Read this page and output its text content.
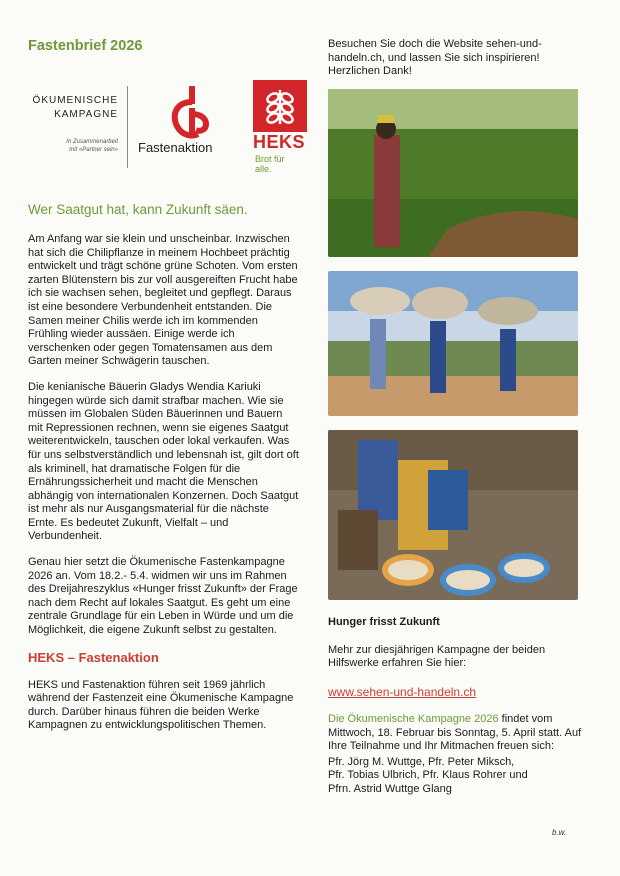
Fastenbrief 2026

ÖKUMENISCHE
KAMPAGNE
In Zusammenarbeit
mit «Partner sein» Fastenaktion HEKS
Brot für alle.
Wer Saatgut hat, kann Zukunft säen.

Am Anfang war sie klein und unscheinbar. Inzwischen hat sich die Chilipflanze in meinem Hochbeet prächtig entwickelt und trägt schöne grüne Schoten. Vom ersten zarten Blütenstern bis zur voll ausgereiften Frucht habe ich sie wachsen sehen, begleitet und gepflegt. Daraus ist eine besondere Verbundenheit entstanden. Die Samen meiner Chilis werde ich im kommenden Frühling wieder aussäen. Einige werde ich verschenken oder gegen Tomatensamen aus dem Garten meiner Schwägerin tauschen.

Die kenianische Bäuerin Gladys Wendia Kariuki hingegen würde sich damit strafbar machen. Wie sie müssen im Globalen Süden Bäuerinnen und Bauern mit Repressionen rechnen, wenn sie eigenes Saatgut weiterentwickeln, tauschen oder lokal verkaufen. Was für uns selbstverständlich und lebensnah ist, gilt dort oft als kriminell, hat dramatische Folgen für die Ernährungssicherheit und macht die Menschen abhängig von internationalen Konzernen. Doch Saatgut ist mehr als nur Ausgangsmaterial für die nächste Ernte. Es bedeutet Zukunft, Vielfalt – und Verbundenheit.

Genau hier setzt die Ökumenische Fastenkampagne 2026 an. Vom 18.2.- 5.4. widmen wir uns im Rahmen des Dreijahreszyklus «Hunger frisst Zukunft» der Frage nach dem Recht auf lokales Saatgut. Es geht um eine zentrale Grundlage für ein Leben in Würde und um die Möglichkeit, die eigene Zukunft selbst zu gestalten.

HEKS – Fastenaktion

HEKS und Fastenaktion führen seit 1969 jährlich während der Fastenzeit eine Ökumenische Kampagne durch. Darüber hinaus führen die beiden Werke Kampagnen zu entwicklungspolitischen Themen.

Besuchen Sie doch die Website sehen-und-handeln.ch, und lassen Sie sich inspirieren! Herzlichen Dank!

Hunger frisst Zukunft

Mehr zur diesjährigen Kampagne der beiden Hilfswerke erfahren Sie hier:

www.sehen-und-handeln.ch

Die Ökumenische Kampagne 2026 findet vom Mittwoch, 18. Februar bis Sonntag, 5. April statt. Auf Ihre Teilnahme und Ihr Mitmachen freuen sich:

Pfr. Jörg M. Wuttge, Pfr. Peter Miksch,
Pfr. Tobias Ulbrich, Pfr. Klaus Rohrer und
Pfrn. Astrid Wuttge Glang

b.w.
